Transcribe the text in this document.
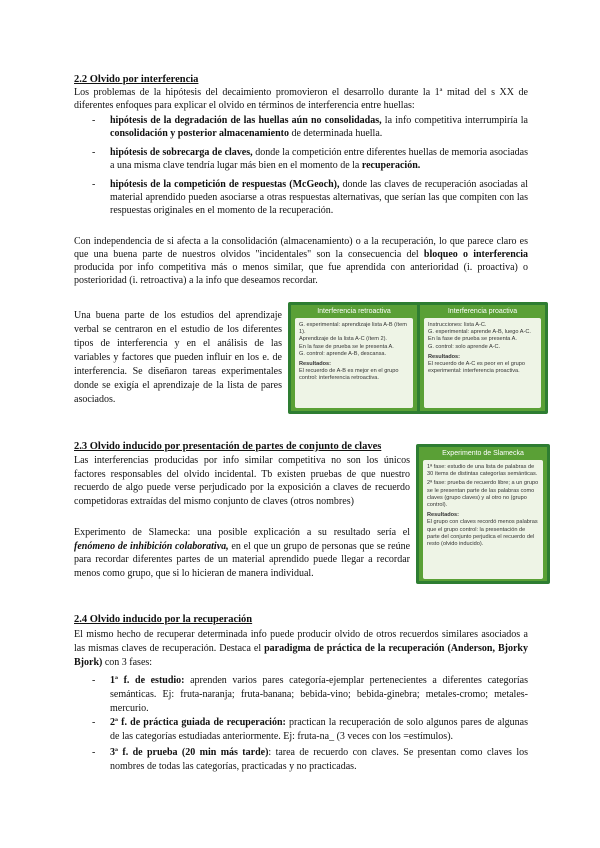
2.2 Olvido por interferencia

Los problemas de la hipótesis del decaimiento promovieron el desarrollo durante la 1ª mitad del s XX de diferentes enfoques para explicar el olvido en términos de interferencia entre huellas:

- hipótesis de la degradación de las huellas aún no consolidadas, la info competitiva interrumpiría la consolidación y posterior almacenamiento de determinada huella.

- hipótesis de sobrecarga de claves, donde la competición entre diferentes huellas de memoria asociadas a una misma clave tendría lugar más bien en el momento de la recuperación.

- hipótesis de la competición de respuestas (McGeoch), donde las claves de recuperación asociadas al material aprendido pueden asociarse a otras respuestas alternativas, que serían las que compiten con las respuestas originales en el momento de la recuperación.

Con independencia de si afecta a la consolidación (almacenamiento) o a la recuperación, lo que parece claro es que una buena parte de nuestros olvidos "incidentales" son la consecuencia del bloqueo o interferencia producida por info competitiva más o menos similar, que fue aprendida con anterioridad (i. proactiva) o posterioridad (i. retroactiva) a la info que deseamos recordar.

Una buena parte de los estudios del aprendizaje verbal se centraron en el estudio de los diferentes tipos de interferencia y en el análisis de las variables y factores que pueden influir en los e. de interferencia. Se diseñaron tareas experimentales donde se exigía el aprendizaje de la lista de pares asociados.

Interferencia retroactiva
G. experimental: aprendizaje lista A-B (ítem 1).
Aprendizaje de la lista A-C (ítem 2).
En la fase de prueba se le presenta A.
G. control: aprende A-B, descansa.
Resultados:
El recuerdo de A-B es mejor en el grupo control: interferencia retroactiva.
Interferencia proactiva
Instrucciones: lista A-C.
G. experimental: aprende A-B, luego A-C.
En la fase de prueba se presenta A.
G. control: solo aprende A-C.
Resultados:
El recuerdo de A-C es peor en el grupo experimental: interferencia proactiva.
2.3 Olvido inducido por presentación de partes de conjunto de claves

Las interferencias producidas por info similar competitiva no son los únicos factores responsables del olvido incidental. Tb existen pruebas de que nuestro recuerdo de algo puede verse perjudicado por la exposición a claves de recuerdo competidoras extraídas del mismo conjunto de claves (otros nombres)

Experimento de Slamecka: una posible explicación a su resultado sería el fenómeno de inhibición colaborativa, en el que un grupo de personas que se reúne para recordar diferentes partes de un material aprendido puede llegar a recordar menos como grupo, que si lo hicieran de manera individual.

Experimento de Slamecka
1ª fase: estudio de una lista de palabras de 30 ítems de distintas categorías semánticas.
2ª fase: prueba de recuerdo libre; a un grupo se le presentan parte de las palabras como claves (grupo claves) y al otro no (grupo control).
Resultados:
El grupo con claves recordó menos palabras que el grupo control: la presentación de parte del conjunto perjudica el recuerdo del resto (olvido inducido).
2.4 Olvido inducido por la recuperación

El mismo hecho de recuperar determinada info puede producir olvido de otros recuerdos similares asociados a las mismas claves de recuperación. Destaca el paradigma de práctica de la recuperación (Anderson, Bjorky Bjork) con 3 fases:

- 1ª f. de estudio: aprenden varios pares categoría-ejemplar pertenecientes a diferentes categorías semánticas. Ej: fruta-naranja; fruta-banana; bebida-vino; bebida-ginebra; metales-cromo; metales-mercurio.

- 2ª f. de práctica guiada de recuperación: practican la recuperación de solo algunos pares de algunas de las categorías estudiadas anteriormente. Ej: fruta-na_ (3 veces con los =estímulos).

- 3ª f. de prueba (20 min más tarde): tarea de recuerdo con claves. Se presentan como claves los nombres de todas las categorías, practicadas y no practicadas.
